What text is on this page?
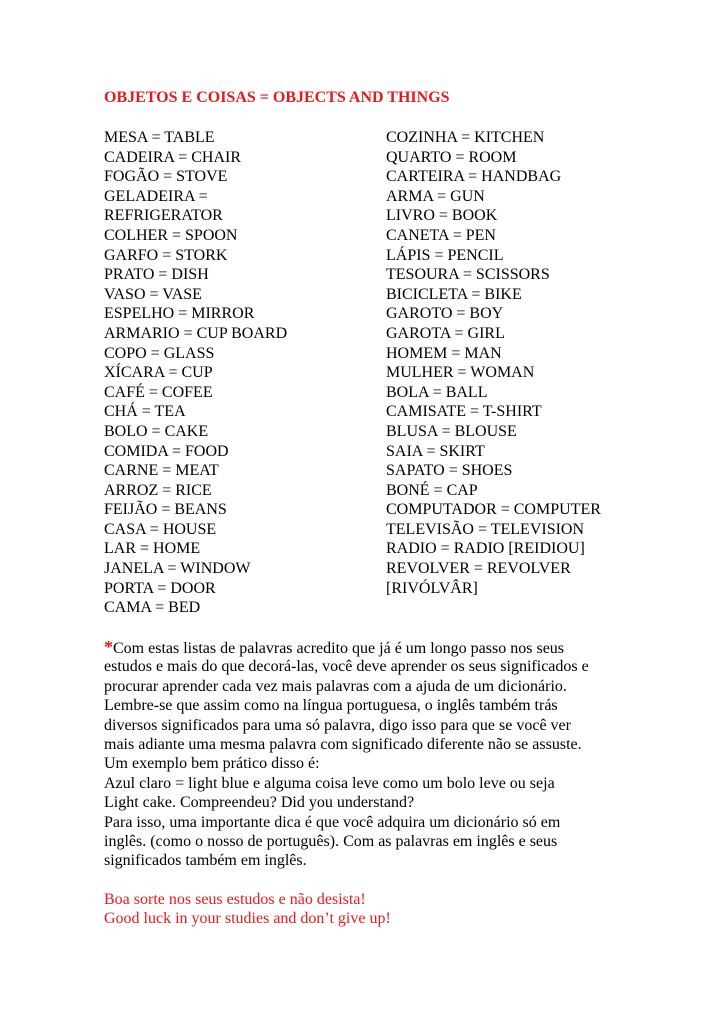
OBJETOS E COISAS = OBJECTS AND THINGS
MESA = TABLE
CADEIRA = CHAIR
FOGÃO = STOVE
GELADEIRA =
REFRIGERATOR
COLHER = SPOON
GARFO = STORK
PRATO = DISH
VASO = VASE
ESPELHO = MIRROR
ARMARIO = CUP BOARD
COPO = GLASS
XÍCARA = CUP
CAFÉ = COFEE
CHÁ = TEA
BOLO = CAKE
COMIDA = FOOD
CARNE = MEAT
ARROZ = RICE
FEIJÃO = BEANS
CASA = HOUSE
LAR = HOME
JANELA = WINDOW
PORTA = DOOR
CAMA = BED
COZINHA = KITCHEN
QUARTO = ROOM
CARTEIRA = HANDBAG
ARMA = GUN
LIVRO = BOOK
CANETA = PEN
LÁPIS = PENCIL
TESOURA = SCISSORS
BICICLETA = BIKE
GAROTO = BOY
GAROTA = GIRL
HOMEM = MAN
MULHER = WOMAN
BOLA = BALL
CAMISATE = T-SHIRT
BLUSA = BLOUSE
SAIA = SKIRT
SAPATO = SHOES
BONÉ = CAP
COMPUTADOR = COMPUTER
TELEVISÃO = TELEVISION
RADIO = RADIO [REIDIOU]
REVOLVER = REVOLVER
[RIVÓLVÂR]
*Com estas listas de palavras acredito que já é um longo passo nos seus
estudos e mais do que decorá-las, você deve aprender os seus significados e
procurar aprender cada vez mais palavras com a ajuda de um dicionário.
Lembre-se que assim como na língua portuguesa, o inglês também trás
diversos significados para uma só palavra, digo isso para que se você ver
mais adiante uma mesma palavra com significado diferente não se assuste.
Um exemplo bem prático disso é:
Azul claro = light blue e alguma coisa leve como um bolo leve ou seja
Light cake. Compreendeu? Did you understand?
Para isso, uma importante dica é que você adquira um dicionário só em
inglês. (como o nosso de português). Com as palavras em inglês e seus
significados também em inglês.
Boa sorte nos seus estudos e não desista!
Good luck in your studies and don’t give up!
